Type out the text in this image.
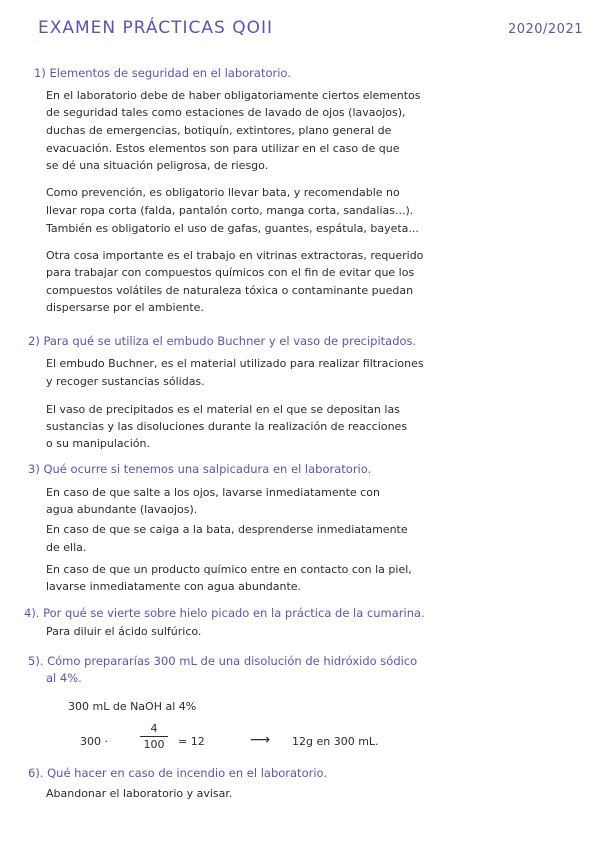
EXAMEN PRÁCTICAS QOII	2020/2021
1) Elementos de seguridad en el laboratorio.
En el laboratorio debe de haber obligatoriamente ciertos elementos
de seguridad tales como estaciones de lavado de ojos (lavaojos),
duchas de emergencias, botiquín, extintores, plano general de
evacuación. Estos elementos son para utilizar en el caso de que
se dé una situación peligrosa, de riesgo.
Como prevención, es obligatorio llevar bata, y recomendable no
llevar ropa corta (falda, pantalón corto, manga corta, sandalias...).
También es obligatorio el uso de gafas, guantes, espátula, bayeta...
Otra cosa importante es el trabajo en vitrinas extractoras, requerido
para trabajar con compuestos químicos con el fin de evitar que los
compuestos volátiles de naturaleza tóxica o contaminante puedan
dispersarse por el ambiente.
2) Para qué se utiliza el embudo Buchner y el vaso de precipitados.
El embudo Buchner, es el material utilizado para realizar filtraciones
y recoger sustancias sólidas.
El vaso de precipitados es el material en el que se depositan las
sustancias y las disoluciones durante la realización de reacciones
o su manipulación.
3) Qué ocurre si tenemos una salpicadura en el laboratorio.
En caso de que salte a los ojos, lavarse inmediatamente con
agua abundante (lavaojos).
En caso de que se caiga a la bata, desprenderse inmediatamente
de ella.
En caso de que un producto químico entre en contacto con la piel,
lavarse inmediatamente con agua abundante.
4). Por qué se vierte sobre hielo picado en la práctica de la cumarina.
Para diluir el ácido sulfúrico.
5). Cómo prepararías 300 mL de una disolución de hidróxido sódico
al 4%.
300 mL de NaOH al 4%
300 ·
4
100	= 12	⟶ 12g en 300 mL.
6). Qué hacer en caso de incendio en el laboratorio.
Abandonar el laboratorio y avisar.
